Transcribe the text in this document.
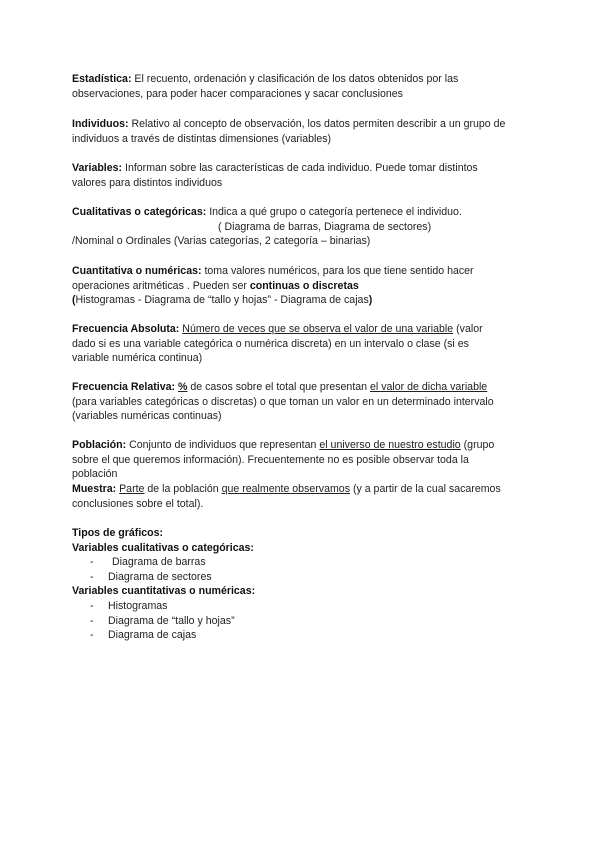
Estadística: El recuento, ordenación y clasificación de los datos obtenidos por las
observaciones, para poder hacer comparaciones y sacar conclusiones

Individuos: Relativo al concepto de observación, los datos permiten describir a un grupo de
individuos a través de distintas dimensiones (variables)

Variables: Informan sobre las características de cada individuo. Puede tomar distintos
valores para distintos individuos

Cualitativas o categóricas: Indica a qué grupo o categoría pertenece el individuo.
( Diagrama de barras, Diagrama de sectores)
/Nominal o Ordinales (Varias categorías, 2 categoría – binarias)

Cuantitativa o numéricas: toma valores numéricos, para los que tiene sentido hacer
operaciones aritméticas . Pueden ser continuas o discretas
(Histogramas - Diagrama de “tallo y hojas” - Diagrama de cajas)

Frecuencia Absoluta: Número de veces que se observa el valor de una variable (valor
dado si es una variable categórica o numérica discreta) en un intervalo o clase (si es
variable numérica continua)

Frecuencia Relativa: % de casos sobre el total que presentan el valor de dicha variable
(para variables categóricas o discretas) o que toman un valor en un determinado intervalo
(variables numéricas continuas)

Población: Conjunto de individuos que representan el universo de nuestro estudio (grupo
sobre el que queremos información). Frecuentemente no es posible observar toda la
población

Muestra: Parte de la población que realmente observamos (y a partir de la cual sacaremos
conclusiones sobre el total).

Tipos de gráficos:
Variables cualitativas o categóricas:
- Diagrama de barras
- Diagrama de sectores
Variables cuantitativas o numéricas:
- Histogramas
- Diagrama de “tallo y hojas”
- Diagrama de cajas
